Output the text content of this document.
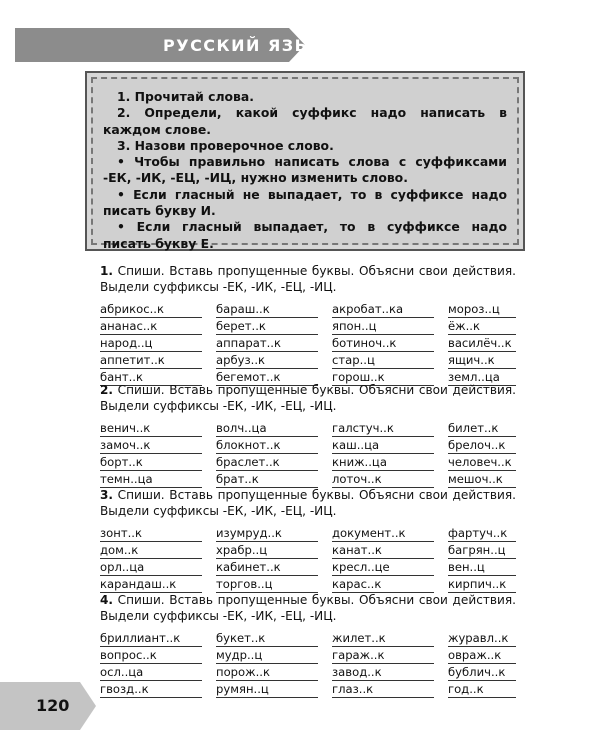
РУССКИЙ ЯЗЫК

1. Прочитай слова.

2. Определи, какой суффикс надо написать в каждом слове.

3. Назови проверочное слово.

• Чтобы правильно написать слова с суффиксами -ЕК, -ИК, -ЕЦ, -ИЦ, нужно изменить слово.

• Если гласный не выпадает, то в суффиксе надо писать букву И.

• Если гласный выпадает, то в суффиксе надо писать букву Е.

1. Спиши. Вставь пропущенные буквы. Объясни свои действия. Выдели суффиксы -ЕК, -ИК, -ЕЦ, -ИЦ.

абрикос..к	бараш..к	акробат..ка	мороз..ц
ананас..к	берет..к	япон..ц	ёж..к
народ..ц	аппарат..к	ботиноч..к	василёч..к
аппетит..к	арбуз..к	стар..ц	ящич..к
бант..к	бегемот..к	горош..к	земл..ца

2. Спиши. Вставь пропущенные буквы. Объясни свои действия. Выдели суффиксы -ЕК, -ИК, -ЕЦ, -ИЦ.

венич..к	волч..ца	галстуч..к	билет..к
замоч..к	блокнот..к	каш..ца	брелоч..к
борт..к	браслет..к	книж..ца	человеч..к
темн..ца	брат..к	лоточ..к	мешоч..к

3. Спиши. Вставь пропущенные буквы. Объясни свои действия. Выдели суффиксы -ЕК, -ИК, -ЕЦ, -ИЦ.

зонт..к	изумруд..к	документ..к	фартуч..к
дом..к	храбр..ц	канат..к	багрян..ц
орл..ца	кабинет..к	кресл..це	вен..ц
карандаш..к	торгов..ц	карас..к	кирпич..к

4. Спиши. Вставь пропущенные буквы. Объясни свои действия. Выдели суффиксы -ЕК, -ИК, -ЕЦ, -ИЦ.

бриллиант..к	букет..к	жилет..к	журавл..к
вопрос..к	мудр..ц	гараж..к	овраж..к
осл..ца	порож..к	завод..к	бублич..к
гвозд..к	румян..ц	глаз..к	год..к
120
